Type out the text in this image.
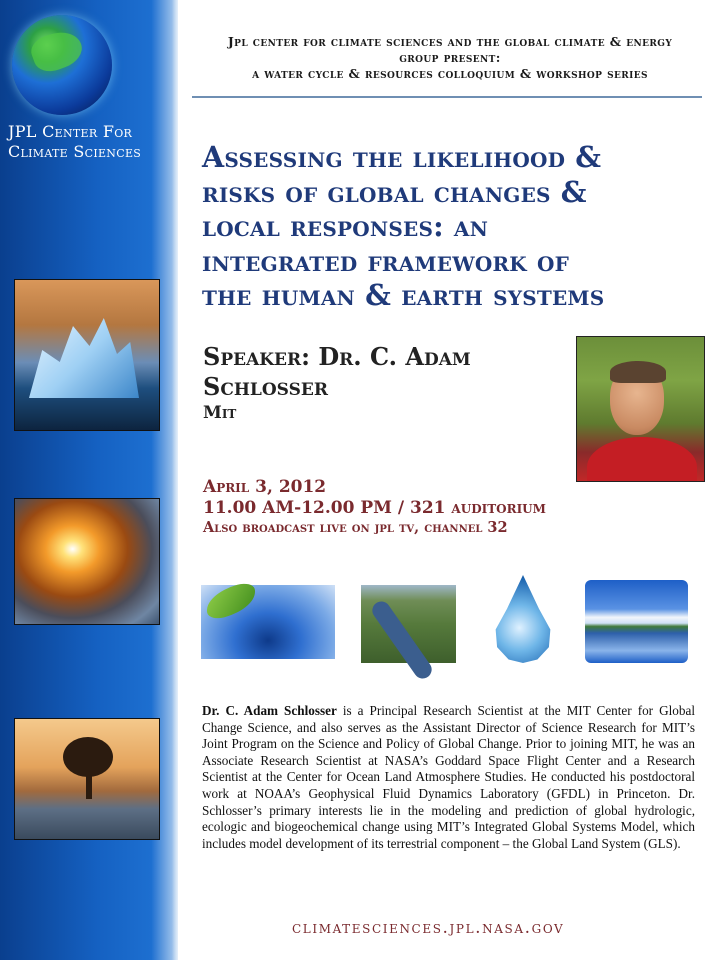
JPL Center For
Climate Sciences
Jpl center for climate sciences and the global climate & energy
group present:
a water cycle & resources colloquium & workshop series
Assessing the likelihood &
risks of global changes &
local responses: an
integrated framework of
the human & earth systems
Speaker: Dr. C. Adam
Schlosser
Mit
April 3, 2012
11.00 AM-12.00 PM / 321 auditorium
Also broadcast live on jpl tv, channel 32
Dr. C. Adam Schlosser is a Principal Research Scientist at the MIT Center for Global Change Science, and also serves as the Assistant Director of Science Research for MIT’s Joint Program on the Science and Policy of Global Change. Prior to joining MIT, he was an Associate Research Scientist at NASA’s Goddard Space Flight Center and a Research Scientist at the Center for Ocean Land Atmosphere Studies. He conducted his postdoctoral work at NOAA’s Geophysical Fluid Dynamics Laboratory (GFDL) in Princeton. Dr. Schlosser’s primary interests lie in the modeling and prediction of global hydrologic, ecologic and biogeochemical change using MIT’s Integrated Global Systems Model, which includes model development of its terrestrial component – the Global Land System (GLS).
climatesciences.jpl.nasa.gov
